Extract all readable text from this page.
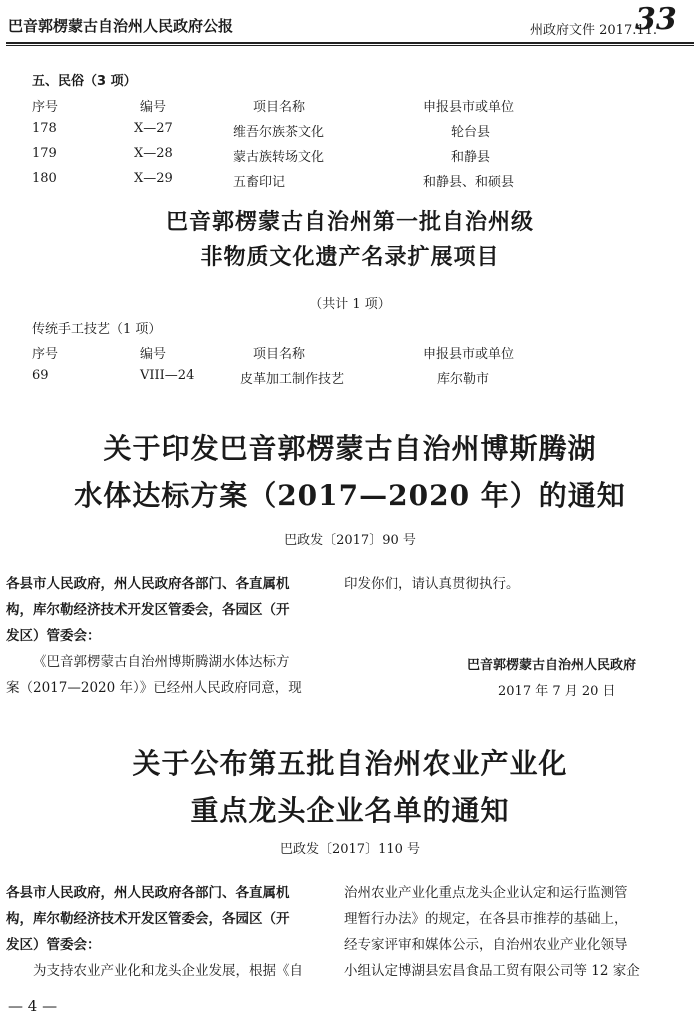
巴音郭楞蒙古自治州人民政府公报	州政府文件 2017.11.
33
五、民俗（3 项）
序号	编号	项目名称	申报县市或单位
178	X—27	维吾尔族茶文化	轮台县
179	X—28	蒙古族转场文化	和静县
180	X—29	五畜印记	和静县、和硕县
巴音郭楞蒙古自治州第一批自治州级
非物质文化遗产名录扩展项目
（共计 1 项）
传统手工技艺（1 项）
序号	编号	项目名称	申报县市或单位
69	VIII—24	皮革加工制作技艺	库尔勒市
关于印发巴音郭楞蒙古自治州博斯腾湖
水体达标方案（2017—2020 年）的通知
巴政发〔2017〕90 号
各县市人民政府，州人民政府各部门、各直属机
构，库尔勒经济技术开发区管委会，各园区（开
发区）管委会：
《巴音郭楞蒙古自治州博斯腾湖水体达标方
案（2017—2020 年）》已经州人民政府同意，现
印发你们，请认真贯彻执行。
巴音郭楞蒙古自治州人民政府
2017 年 7 月 20 日
关于公布第五批自治州农业产业化
重点龙头企业名单的通知
巴政发〔2017〕110 号
各县市人民政府，州人民政府各部门、各直属机
构，库尔勒经济技术开发区管委会，各园区（开
发区）管委会：
为支持农业产业化和龙头企业发展，根据《自
治州农业产业化重点龙头企业认定和运行监测管
理暂行办法》的规定，在各县市推荐的基础上，
经专家评审和媒体公示，自治州农业产业化领导
小组认定博湖县宏昌食品工贸有限公司等 12 家企
— 4 —
